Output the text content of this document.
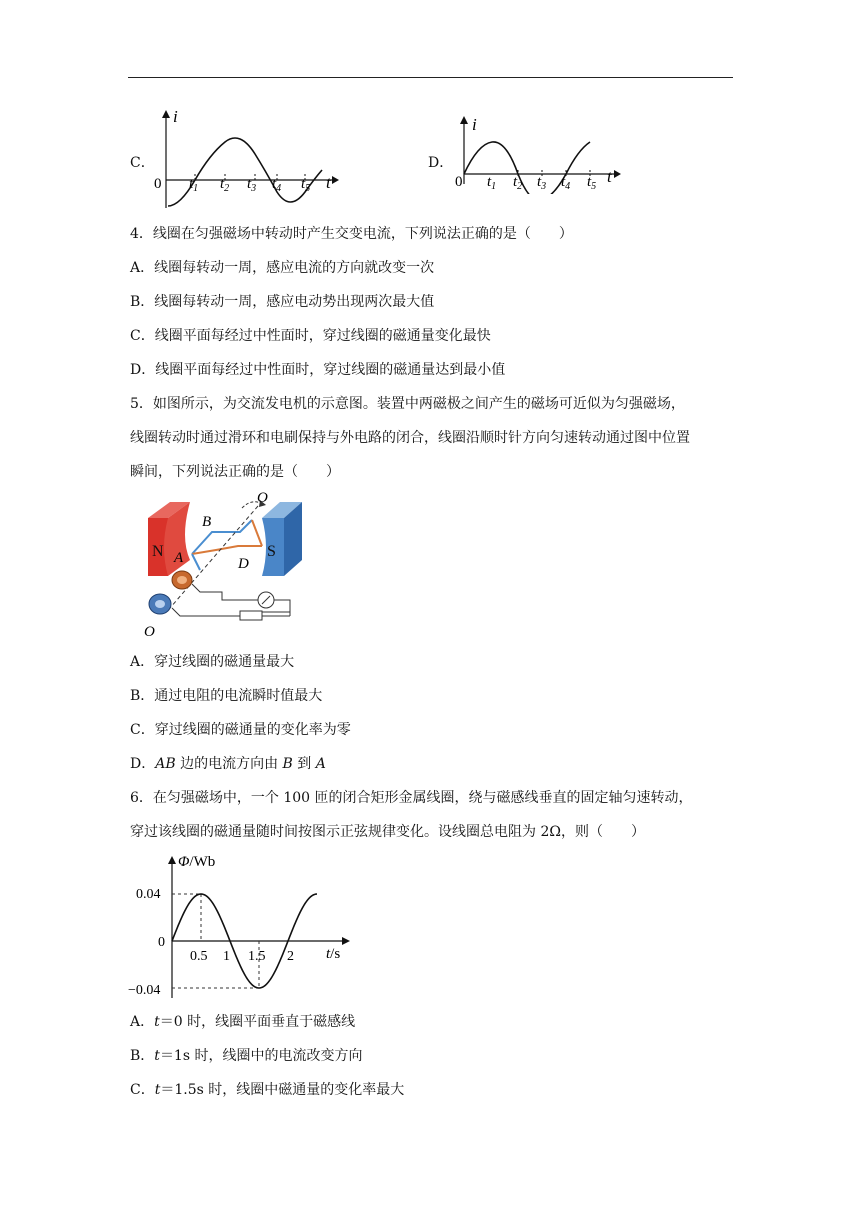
C．
i
t
0 $t_1$ $t_2$ $t_3$ $t_4$ $t_5$
D．
i
t
0 $t_1$ $t_2$ $t_3$ $t_4$ $t_5$
4．线圈在匀强磁场中转动时产生交变电流，下列说法正确的是（　　）
A．线圈每转动一周，感应电流的方向就改变一次
B．线圈每转动一周，感应电动势出现两次最大值
C．线圈平面每经过中性面时，穿过线圈的磁通量变化最快
D．线圈平面每经过中性面时，穿过线圈的磁通量达到最小值
5．如图所示，为交流发电机的示意图。装置中两磁极之间产生的磁场可近似为匀强磁场，
线圈转动时通过滑环和电刷保持与外电路的闭合，线圈沿顺时针方向匀速转动通过图中位置
瞬间，下列说法正确的是（　　）
N	S
O
B
A	D
O
A．穿过线圈的磁通量最大
B．通过电阻的电流瞬时值最大
C．穿过线圈的磁通量的变化率为零
D．AB 边的电流方向由 B 到 A
6．在匀强磁场中，一个 100 匝的闭合矩形金属线圈，绕与磁感线垂直的固定轴匀速转动，
穿过该线圈的磁通量随时间按图示正弦规律变化。设线圈总电阻为 2Ω，则（　　）
Φ/Wb
t/s
0.04
0
−0.04
0.5 1 1.5 2
A．t＝0 时，线圈平面垂直于磁感线
B．t＝1s 时，线圈中的电流改变方向
C．t＝1.5s 时，线圈中磁通量的变化率最大
